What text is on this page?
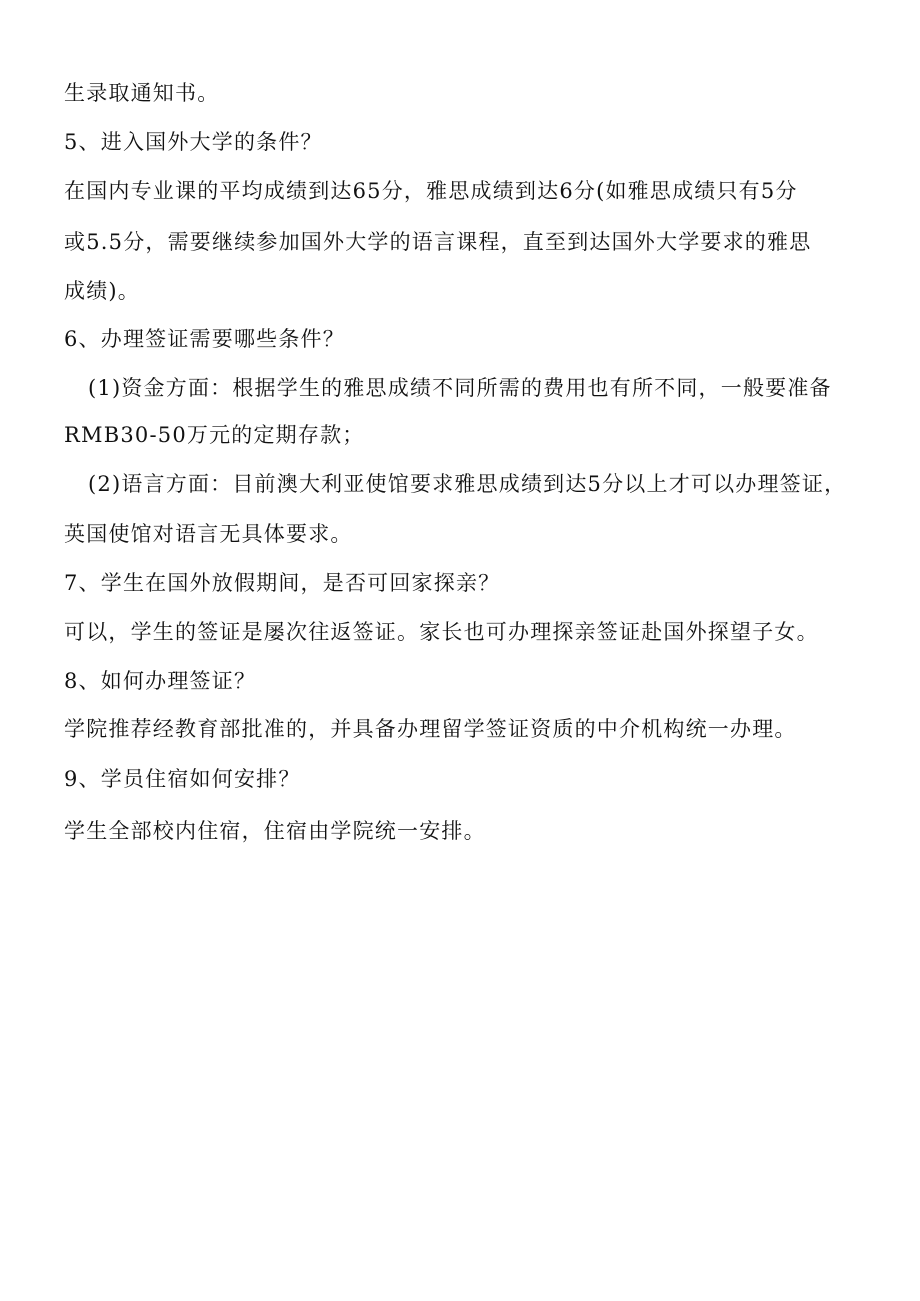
生录取通知书。
5、进入国外大学的条件？
在国内专业课的平均成绩到达65分，雅思成绩到达6分(如雅思成绩只有5分
或5.5分，需要继续参加国外大学的语言课程，直至到达国外大学要求的雅思
成绩)。
6、办理签证需要哪些条件？
(1)资金方面：根据学生的雅思成绩不同所需的费用也有所不同，一般要准备
RMB30-50万元的定期存款；
(2)语言方面：目前澳大利亚使馆要求雅思成绩到达5分以上才可以办理签证，
英国使馆对语言无具体要求。
7、学生在国外放假期间，是否可回家探亲？
可以，学生的签证是屡次往返签证。家长也可办理探亲签证赴国外探望子女。
8、如何办理签证？
学院推荐经教育部批准的，并具备办理留学签证资质的中介机构统一办理。
9、学员住宿如何安排？
学生全部校内住宿，住宿由学院统一安排。
